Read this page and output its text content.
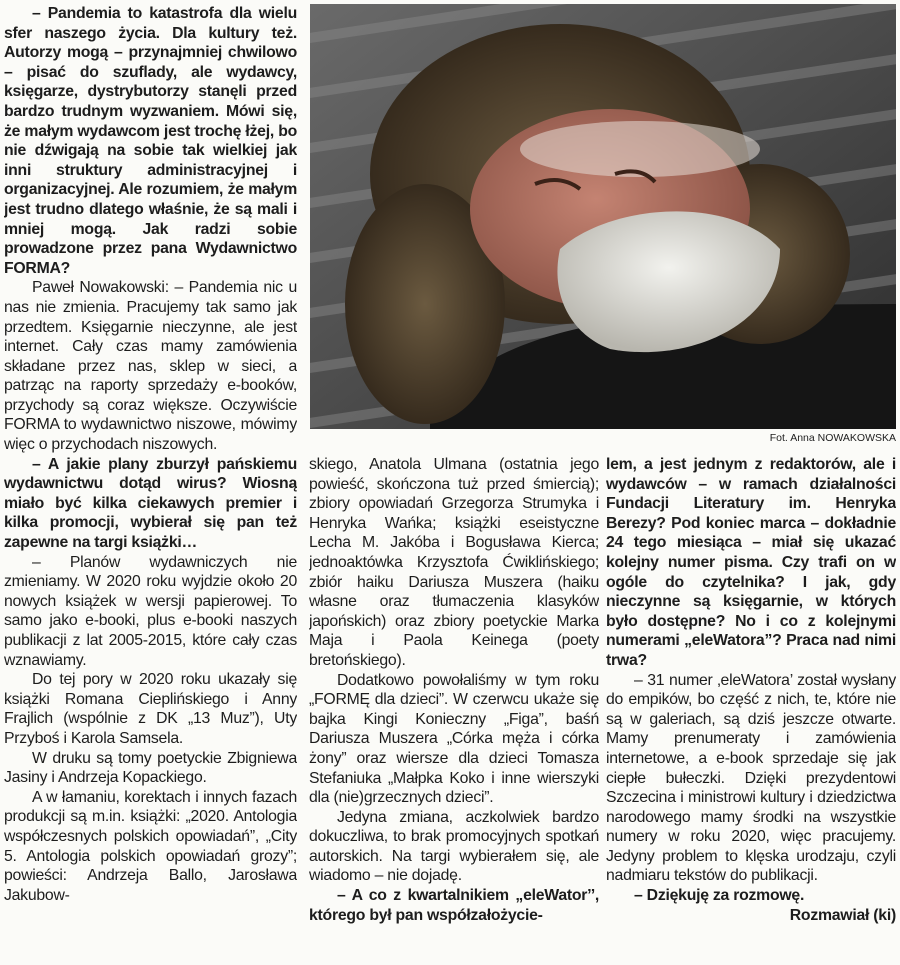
– Pandemia to katastrofa dla wielu sfer naszego życia. Dla kultury też. Autorzy mogą – przynajmniej chwilowo – pisać do szuflady, ale wydawcy, księgarze, dystrybutorzy stanęli przed bardzo trudnym wyzwaniem. Mówi się, że małym wydawcom jest trochę łżej, bo nie dźwigają na sobie tak wielkiej jak inni struktury administracyjnej i organizacyjnej. Ale rozumiem, że małym jest trudno dlatego właśnie, że są mali i mniej mogą. Jak radzi sobie prowadzone przez pana Wydawnictwo FORMA?

Paweł Nowakowski: – Pandemia nic u nas nie zmienia. Pracujemy tak samo jak przedtem. Księgarnie nieczynne, ale jest internet. Cały czas mamy zamówienia składane przez nas, sklep w sieci, a patrząc na raporty sprzedaży e-booków, przychody są coraz większe. Oczywiście FORMA to wydawnictwo niszowe, mówimy więc o przychodach niszowych.

– A jakie plany zburzył pańskiemu wydawnictwu dotąd wirus? Wiosną miało być kilka ciekawych premier i kilka promocji, wybierał się pan też zapewne na targi książki…

– Planów wydawniczych nie zmieniamy. W 2020 roku wyjdzie około 20 nowych książek w wersji papierowej. To samo jako e-booki, plus e-booki naszych publikacji z lat 2005-2015, które cały czas wznawiamy.

Do tej pory w 2020 roku ukazały się książki Romana Cieplińskiego i Anny Frajlich (wspólnie z DK „13 Muz”), Uty Przyboś i Karola Samsela.

W druku są tomy poetyckie Zbigniewa Jasiny i Andrzeja Kopackiego.

A w łamaniu, korektach i innych fazach produkcji są m.in. książki: „2020. Antologia współczesnych polskich opowiadań”, „City 5. Antologia polskich opowiadań grozy”; powieści: Andrzeja Ballo, Jarosława Jakubow-

Fot. Anna NOWAKOWSKA

skiego, Anatola Ulmana (ostatnia jego powieść, skończona tuż przed śmiercią); zbiory opowiadań Grzegorza Strumyka i Henryka Wańka; książki eseistyczne Lecha M. Jakóba i Bogusława Kierca; jednoaktówka Krzysztofa Ćwiklińskiego; zbiór haiku Dariusza Muszera (haiku własne oraz tłumaczenia klasyków japońskich) oraz zbiory poetyckie Marka Maja i Paola Keinega (poety bretońskiego).

Dodatkowo powołaliśmy w tym roku „FORMĘ dla dzieci”. W czerwcu ukaże się bajka Kingi Konieczny „Figa”, baśń Dariusza Muszera „Córka męża i córka żony” oraz wiersze dla dzieci Tomasza Stefaniuka „Małpka Koko i inne wierszyki dla (nie)grzecznych dzieci”.

Jedyna zmiana, aczkolwiek bardzo dokuczliwa, to brak promocyjnych spotkań autorskich. Na targi wybierałem się, ale wiadomo – nie dojadę.

– A co z kwartalnikiem „eleWatorˮ, którego był pan współzałożycie-

lem, a jest jednym z redaktorów, ale i wydawców – w ramach działalności Fundacji Literatury im. Henryka Berezy? Pod koniec marca – dokładnie 24 tego miesiąca – miał się ukazać kolejny numer pisma. Czy trafi on w ogóle do czytelnika? I jak, gdy nieczynne są księgarnie, w których było dostępne? No i co z kolejnymi numerami „eleWatora”? Praca nad nimi trwa?

– 31 numer ‚eleWatora’ został wysłany do empików, bo część z nich, te, które nie są w galeriach, są dziś jeszcze otwarte. Mamy prenumeraty i zamówienia internetowe, a e-book sprzedaje się jak ciepłe bułeczki. Dzięki prezydentowi Szczecina i ministrowi kultury i dziedzictwa narodowego mamy środki na wszystkie numery w roku 2020, więc pracujemy. Jedyny problem to klęska urodzaju, czyli nadmiaru tekstów do publikacji.

– Dziękuję za rozmowę.

Rozmawiał (ki)
